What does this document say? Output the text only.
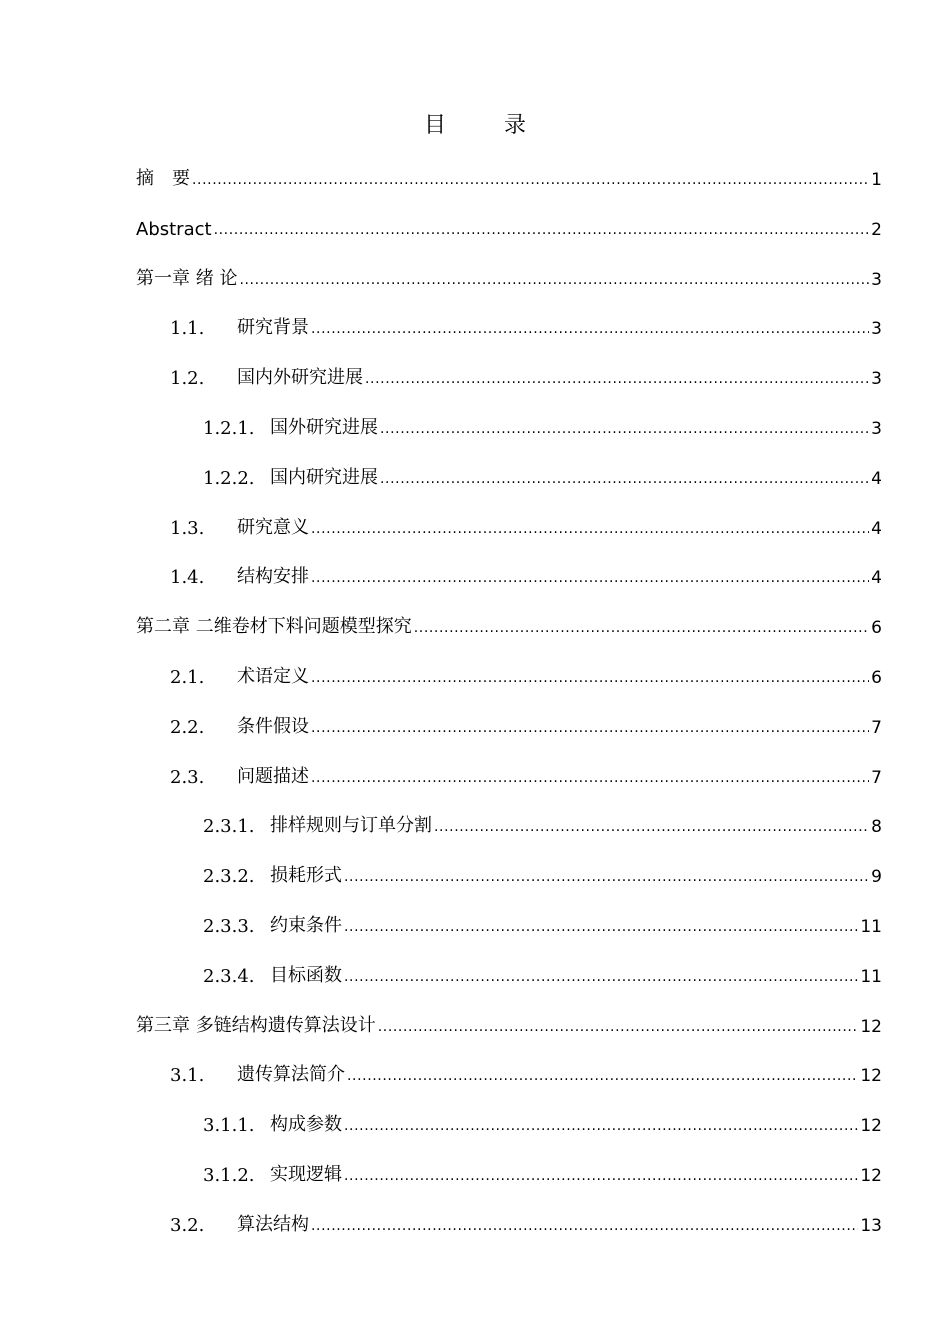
目　录
摘　要 .....	1
Abstract .....	2
第一章 绪 论 .....	3
1.1.	研究背景 .....	3
1.2.	国内外研究进展 .....	3
1.2.1. 国外研究进展 .....	3
1.2.2. 国内研究进展 .....	4
1.3.	研究意义 .....	4
1.4.	结构安排 .....	4
第二章 二维卷材下料问题模型探究 .....	6
2.1.	术语定义 .....	6
2.2.	条件假设 .....	7
2.3.	问题描述 .....	7
2.3.1. 排样规则与订单分割 .....	8
2.3.2. 损耗形式 .....	9
2.3.3. 约束条件 .....	11
2.3.4. 目标函数 .....	11
第三章 多链结构遗传算法设计 .....	12
3.1.	遗传算法简介 .....	12
3.1.1. 构成参数 .....	12
3.1.2. 实现逻辑 .....	12
3.2.	算法结构 .....	13
